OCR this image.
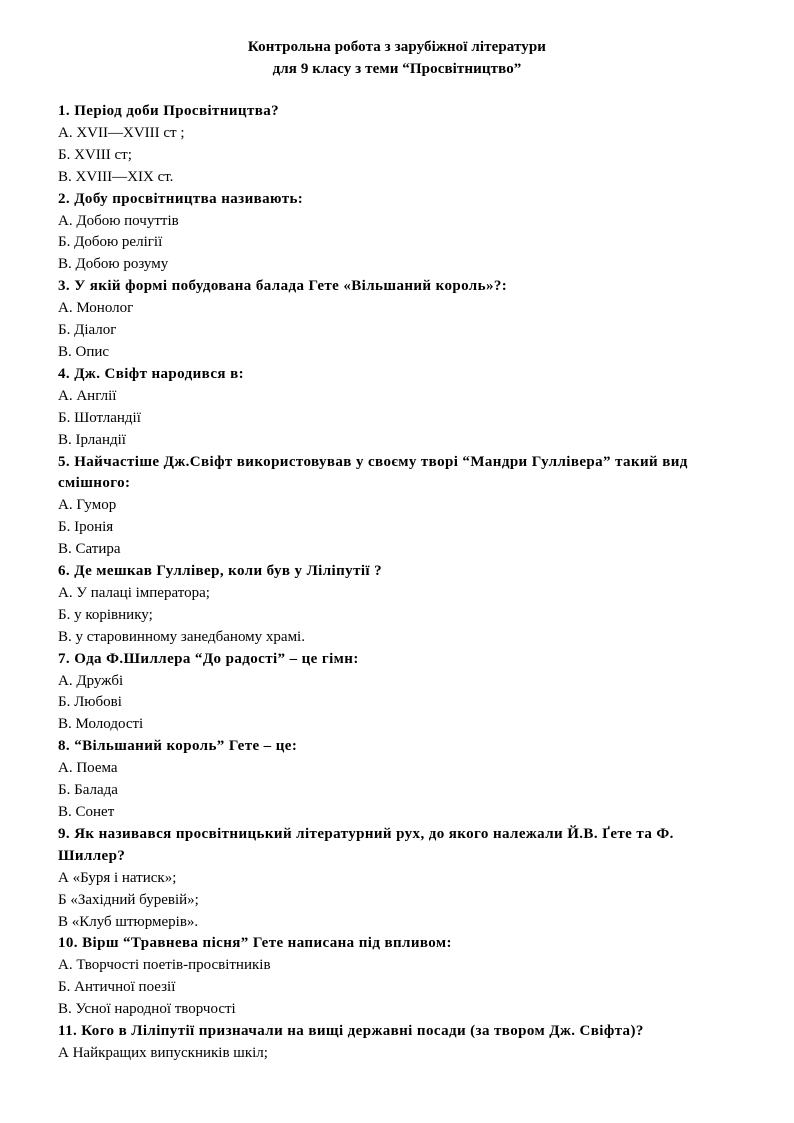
Контрольна робота з зарубіжної літератури
для 9 класу з теми “Просвітництво”
1. Період доби Просвітництва?
А. XVII—XVIII ст ;
Б. XVIII ст;
В. XVIII—XIX ст.
2. Добу просвітництва називають:
А. Добою почуттів
Б. Добою релігії
В. Добою розуму
3. У якій формі побудована балада Гете «Вільшаний король»?:
А. Монолог
Б. Діалог
В. Опис
4. Дж. Свіфт народився в:
А. Англії
Б. Шотландії
В. Ірландії
5. Найчастіше Дж.Свіфт використовував у своєму творі “Мандри Гуллівера” такий вид
смішного:
А. Гумор
Б. Іронія
В. Сатира
6. Де мешкав Гуллівер, коли був у Ліліпутії ?
А. У палаці імператора;
Б. у корівнику;
В. у старовинному занедбаному храмі.
7. Ода Ф.Шиллера “До радості” – це гімн:
А. Дружбі
Б. Любові
В. Молодості
8. “Вільшаний король” Гете – це:
А. Поема
Б. Балада
В. Сонет
9. Як називався просвітницький літературний рух, до якого належали Й.В. Ґете та Ф.
Шиллер?
А «Буря і натиск»;
Б «Західний буревій»;
В «Клуб штюрмерів».
10. Вірш “Травнева пісня” Гете написана під впливом:
А. Творчості поетів-просвітників
Б. Античної поезії
В. Усної народної творчості
11. Кого в Ліліпутії призначали на вищі державні посади (за твором Дж. Свіфта)?
А Найкращих випускників шкіл;
